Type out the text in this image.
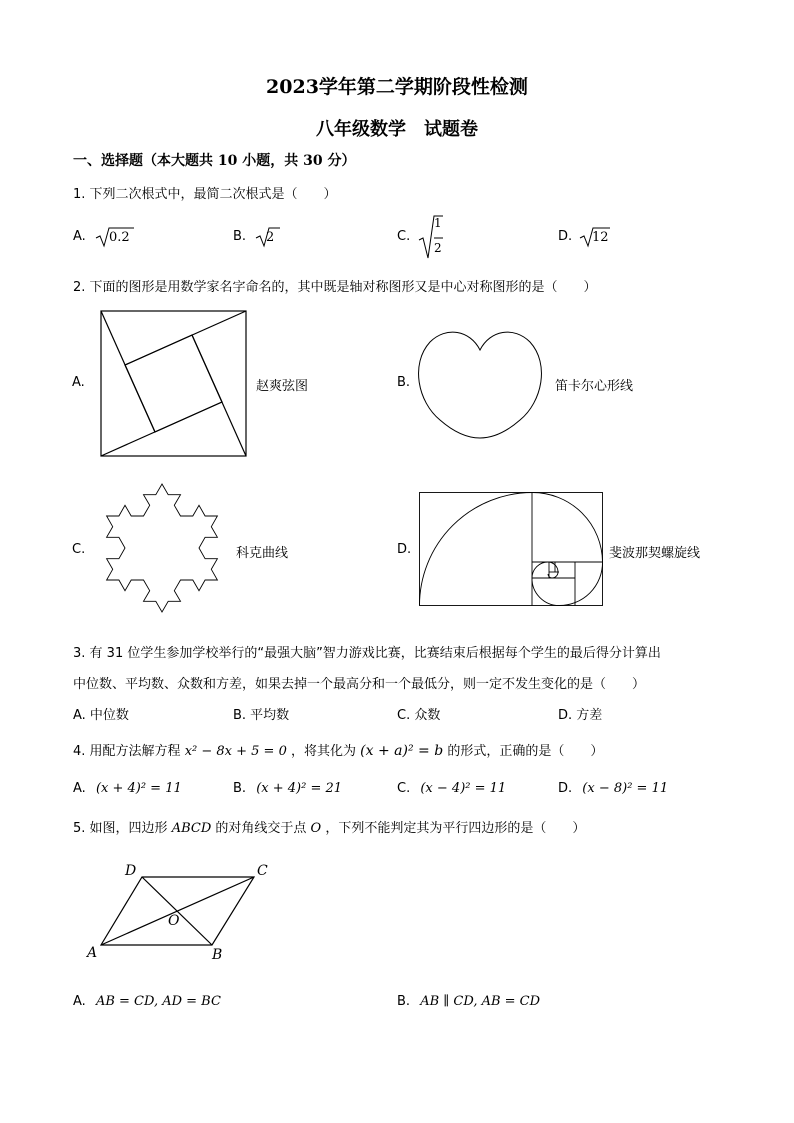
2023学年第二学期阶段性检测
八年级数学　试题卷
一、选择题（本大题共 10 小题，共 30 分）
1. 下列二次根式中，最简二次根式是（　　）
A. 0.2	B. 2	C.
1
2
D. 12
2. 下面的图形是用数学家名字命名的，其中既是轴对称图形又是中心对称图形的是（　　）
A.	赵爽弦图	B.	笛卡尔心形线
C.	科克曲线	D.	斐波那契螺旋线
3. 有 31 位学生参加学校举行的“最强大脑”智力游戏比赛，比赛结束后根据每个学生的最后得分计算出
中位数、平均数、众数和方差，如果去掉一个最高分和一个最低分，则一定不发生变化的是（　　）
A. 中位数	B. 平均数	C. 众数	D. 方差
4. 用配方法解方程 x² − 8x + 5 = 0 ，将其化为 (x + a)² = b 的形式，正确的是（　　）
A. (x + 4)² = 11	B. (x + 4)² = 21	C. (x − 4)² = 11	D. (x − 8)² = 11
5. 如图，四边形 ABCD 的对角线交于点 O ，下列不能判定其为平行四边形的是（　　）
A	B
C
D
O
A. AB = CD, AD = BC	B. AB ∥ CD, AB = CD
